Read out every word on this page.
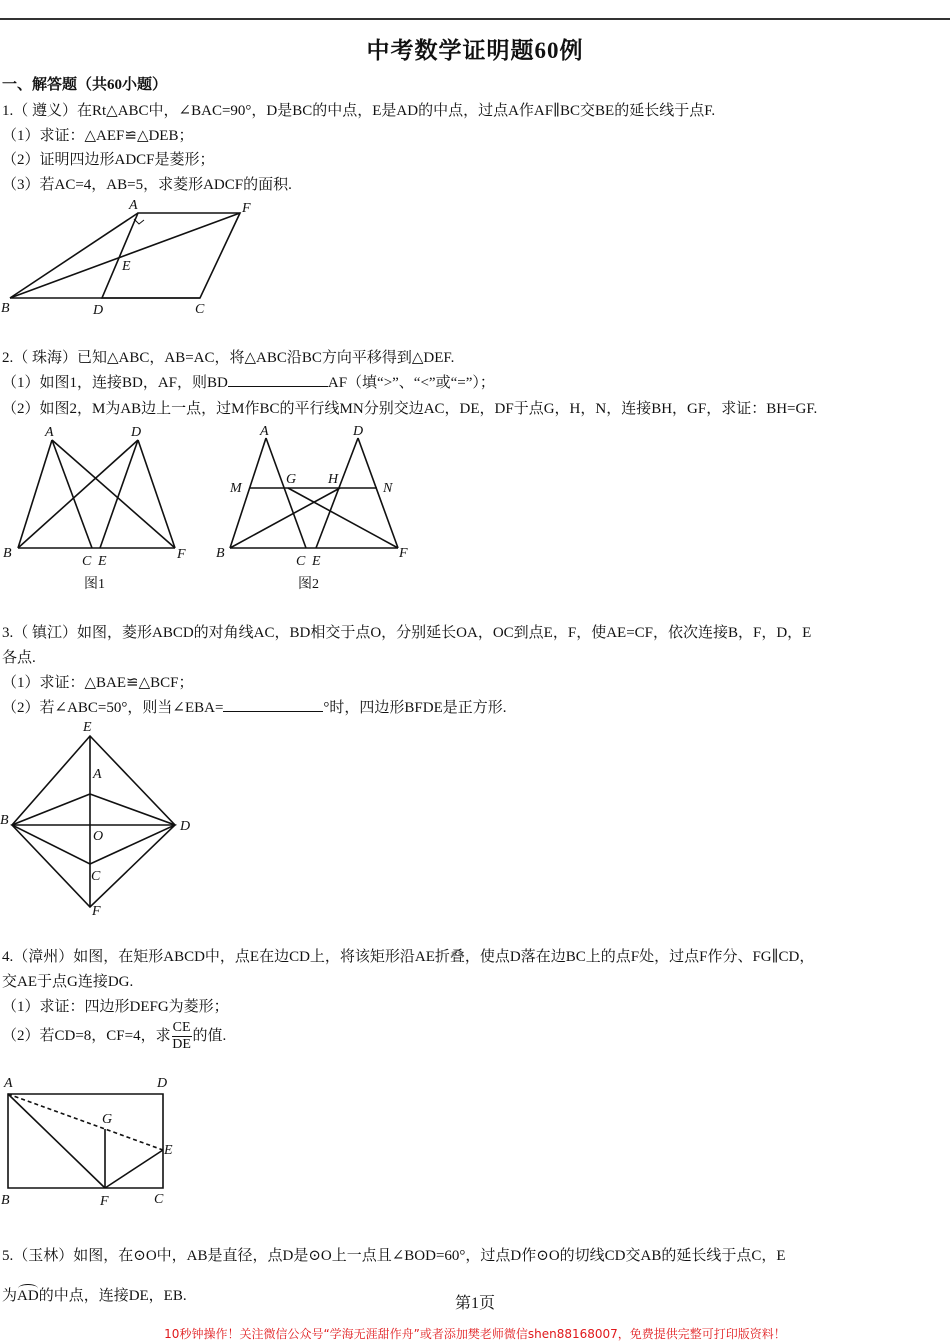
中考数学证明题60例
一、解答题（共60小题）
1.（ 遵义）在Rt△ABC中，∠BAC=90°，D是BC的中点，E是AD的中点，过点A作AF∥BC交BE的延长线于点F.
（1）求证：△AEF≌△DEB；
（2）证明四边形ADCF是菱形；
（3）若AC=4，AB=5，求菱形ADCF的面积.
A	F
E
B	D	C
2.（ 珠海）已知△ABC，AB=AC，将△ABC沿BC方向平移得到△DEF.
（1）如图1，连接BD，AF，则BD	AF（填“>”、“<”或“=”）；
（2）如图2，M为AB边上一点，过M作BC的平行线MN分别交边AC，DE，DF于点G，H，N，连接BH，GF，求证：BH=GF.
A	D
B
C E	F
图1
A	D
M
G H
N
B
C E
F
图2
3.（ 镇江）如图，菱形ABCD的对角线AC，BD相交于点O，分别延长OA，OC到点E，F，使AE=CF，依次连接B，F，D，E
各点.
（1）求证：△BAE≌△BCF；
（2）若∠ABC=50°，则当∠EBA=	°时，四边形BFDE是正方形.
E
A
B
O
D
C
F
4.（漳州）如图，在矩形ABCD中，点E在边CD上，将该矩形沿AE折叠，使点D落在边BC上的点F处，过点F作分、FG∥CD，
交AE于点G连接DG.
（1）求证：四边形DEFG为菱形；
（2）若CD=8，CF=4，求 $\frac{CE}{DE}$ 的值.
A	D
G
E
B	F	C
5.（玉林）如图，在⊙O中，AB是直径，点D是⊙O上一点且∠BOD=60°，过点D作⊙O的切线CD交AB的延长线于点C，E
为AD的中点，连接DE，EB.	第1页
10秒钟操作！关注微信公众号“学海无涯甜作舟”或者添加樊老师微信shen88168007，免费提供完整可打印版资料！
